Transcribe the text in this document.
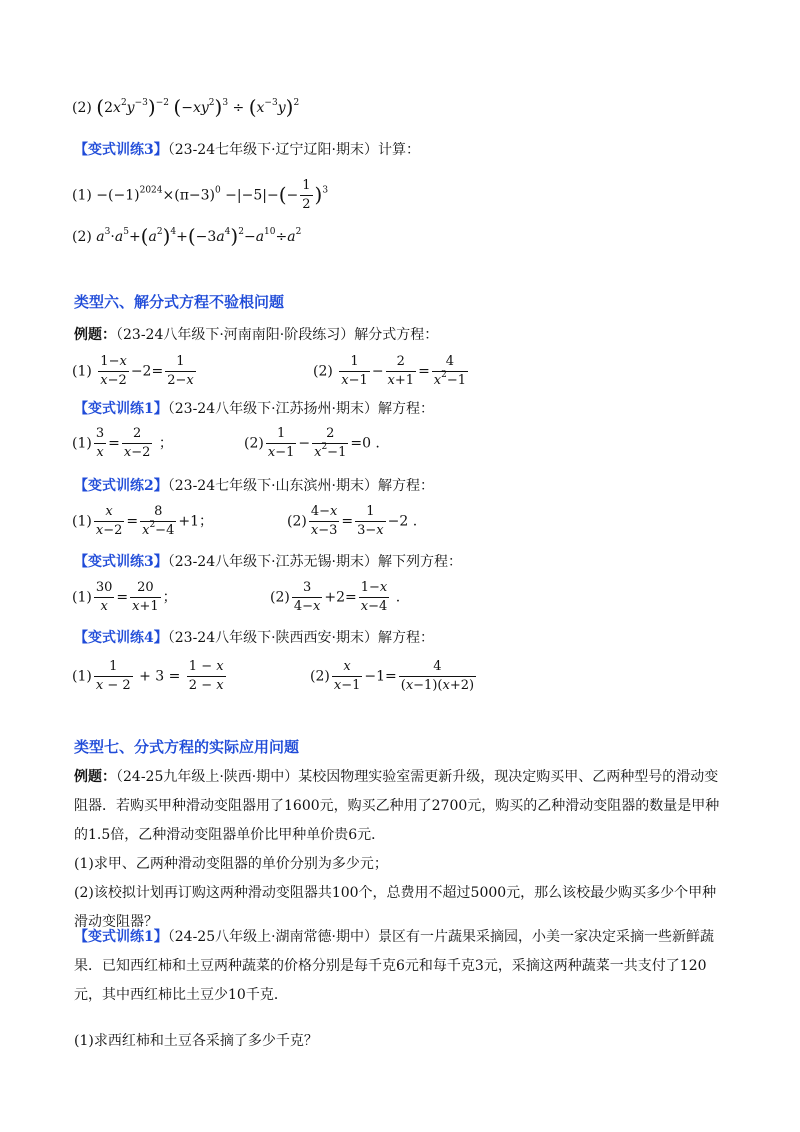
(2) $(2x^2y^{-3})^{-2}$ $(-xy^2)^3 \div (x^{-3}y)^2$
【变式训练3】（23-24七年级下·辽宁辽阳·期末）计算：
$(1) -(-1)^{2024}\times(\pi-3)^0 -|-5|-(- \frac{1}{2} )^3$
(2) $a^3\cdot a^5+(a^2)^4+(-3a^4)^2-a^{10}\div a^2$
类型六、解分式方程不验根问题
例题：（23-24八年级下·河南南阳·阶段练习）解分式方程：
$(1) \frac{1-x}{x-2} -2= \frac{1}{2-x}$	$(2) \frac{1}{x-1} - \frac{2}{x+1} = \frac{4}{x^2-1}$
【变式训练1】（23-24八年级下·江苏扬州·期末）解方程：
$(1) \frac{3}{x} = \frac{2}{x-2}$ ；	$(2) \frac{1}{x-1} - \frac{2}{x^2-1} =0$ .
【变式训练2】（23-24七年级下·山东滨州·期末）解方程：
$(1) \frac{x}{x-2} = \frac{8}{x^2-4} +1$；	$(2) \frac{4-x}{x-3} = \frac{1}{3-x} -2$ .
【变式训练3】（23-24八年级下·江苏无锡·期末）解下列方程：
$(1) \frac{30}{x} = \frac{20}{x+1}$ ；	$(2) \frac{3}{4-x} +2= \frac{1-x}{x-4}$ .
【变式训练4】（23-24八年级下·陕西西安·期末）解方程：
$(1) \frac{1}{x - 2} + 3 = \frac{1 - x}{2 - x}$	$(2) \frac{x}{x-1} -1= \frac{4}{(x-1)(x+2)}$
类型七、分式方程的实际应用问题
例题：（24-25九年级上·陕西·期中）某校因物理实验室需更新升级，现决定购买甲、乙两种型号的滑动变阻器．若购买甲种滑动变阻器用了1600元，购买乙种用了2700元，购买的乙种滑动变阻器的数量是甲种的1.5倍，乙种滑动变阻器单价比甲种单价贵6元．
(1)求甲、乙两种滑动变阻器的单价分别为多少元；
(2)该校拟计划再订购这两种滑动变阻器共100个，总费用不超过5000元，那么该校最少购买多少个甲种滑动变阻器？
【变式训练1】（24-25八年级上·湖南常德·期中）景区有一片蔬果采摘园，小美一家决定采摘一些新鲜蔬果．已知西红柿和土豆两种蔬菜的价格分别是每千克6元和每千克3元，采摘这两种蔬菜一共支付了120元，其中西红柿比土豆少10千克．
(1)求西红柿和土豆各采摘了多少千克？
